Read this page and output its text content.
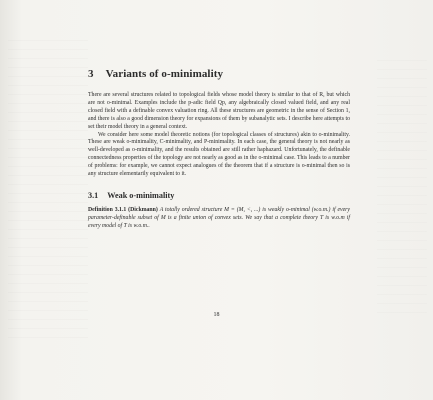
3 Variants of o-minimality

There are several structures related to topological fields whose model theory is similar to that of R, but which are not o-minimal. Examples include the p-adic field Qp, any algebraically closed valued field, and any real closed field with a definable convex valuation ring. All these structures are geometric in the sense of Section 1, and there is also a good dimension theory for expansions of them by subanalytic sets. I describe here attempts to set their model theory in a general context.

We consider here some model theoretic notions (for topological classes of structures) akin to o-minimality. These are weak o-minimality, C-minimality, and P-minimality. In each case, the general theory is not nearly as well-developed as o-minimality, and the results obtained are still rather haphazard. Unfortunately, the definable connectedness properties of the topology are not nearly as good as in the o-minimal case. This leads to a number of problems: for example, we cannot expect analogues of the theorem that if a structure is o-minimal then so is any structure elementarily equivalent to it.

3.1 Weak o-minimality

Definition 3.1.1 (Dickmann) A totally ordered structure M = (M, <, ...) is weakly o-minimal (w.o.m.) if every parameter-definable subset of M is a finite union of convex sets. We say that a complete theory T is w.o.m if every model of T is w.o.m..

18
